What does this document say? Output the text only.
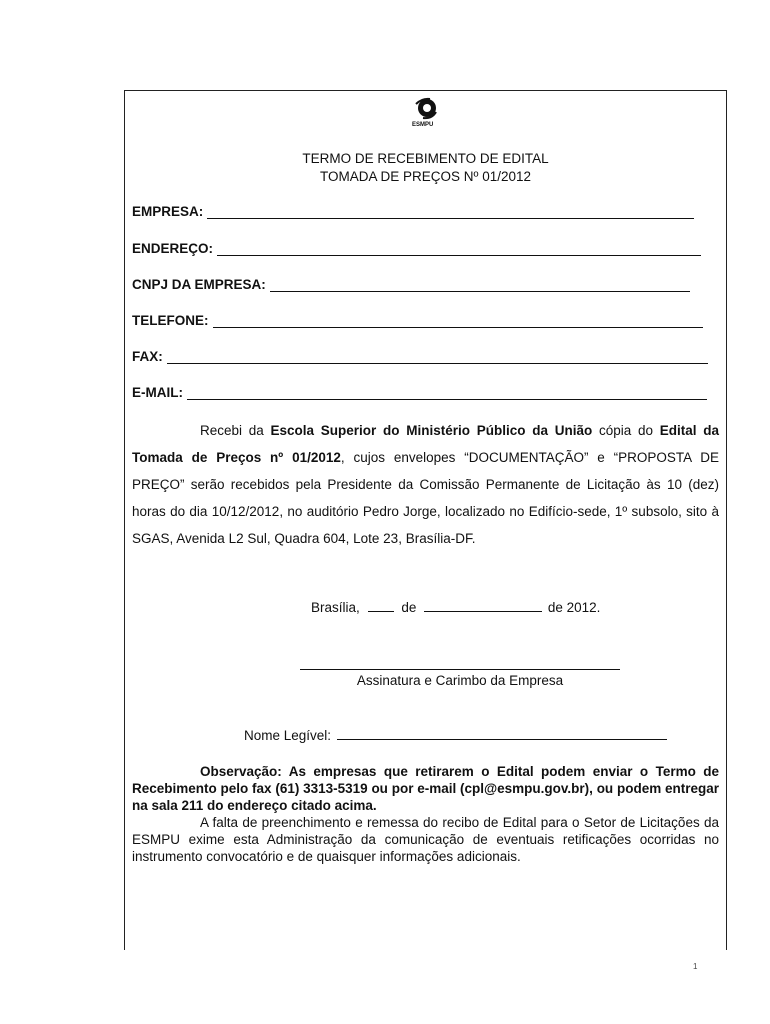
ESMPU
TERMO DE RECEBIMENTO DE EDITAL
TOMADA DE PREÇOS Nº 01/2012
EMPRESA:
ENDEREÇO:
CNPJ DA EMPRESA:
TELEFONE:
FAX:
E-MAIL:
Recebi da Escola Superior do Ministério Público da União cópia do Edital da Tomada de Preços nº 01/2012, cujos envelopes “DOCUMENTAÇÃO” e “PROPOSTA DE PREÇO” serão recebidos pela Presidente da Comissão Permanente de Licitação às 10 (dez) horas do dia 10/12/2012, no auditório Pedro Jorge, localizado no Edifício-sede, 1º subsolo, sito à SGAS, Avenida L2 Sul, Quadra 604, Lote 23, Brasília-DF.
Brasília,	de	de 2012.
Assinatura e Carimbo da Empresa
Nome Legível:

Observação: As empresas que retirarem o Edital podem enviar o Termo de Recebimento pelo fax (61) 3313-5319 ou por e-mail (cpl@esmpu.gov.br), ou podem entregar na sala 211 do endereço citado acima.

A falta de preenchimento e remessa do recibo de Edital para o Setor de Licitações da ESMPU exime esta Administração da comunicação de eventuais retificações ocorridas no instrumento convocatório e de quaisquer informações adicionais.

1
